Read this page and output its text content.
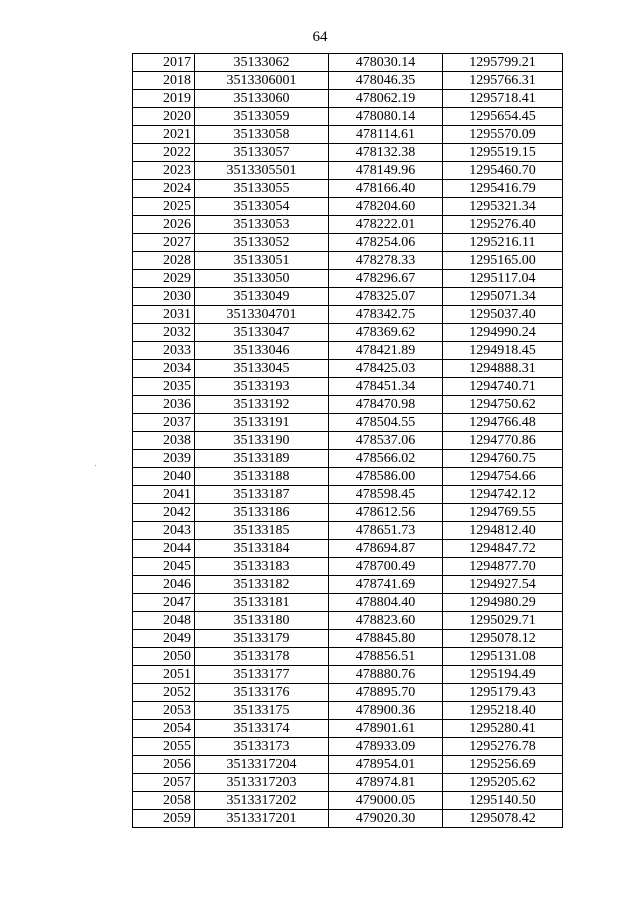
64
2017	35133062	478030.14	1295799.21
2018	3513306001	478046.35	1295766.31
2019	35133060	478062.19	1295718.41
2020	35133059	478080.14	1295654.45
2021	35133058	478114.61	1295570.09
2022	35133057	478132.38	1295519.15
2023	3513305501	478149.96	1295460.70
2024	35133055	478166.40	1295416.79
2025	35133054	478204.60	1295321.34
2026	35133053	478222.01	1295276.40
2027	35133052	478254.06	1295216.11
2028	35133051	478278.33	1295165.00
2029	35133050	478296.67	1295117.04
2030	35133049	478325.07	1295071.34
2031	3513304701	478342.75	1295037.40
2032	35133047	478369.62	1294990.24
2033	35133046	478421.89	1294918.45
2034	35133045	478425.03	1294888.31
2035	35133193	478451.34	1294740.71
2036	35133192	478470.98	1294750.62
2037	35133191	478504.55	1294766.48
2038	35133190	478537.06	1294770.86
2039	35133189	478566.02	1294760.75
2040	35133188	478586.00	1294754.66
2041	35133187	478598.45	1294742.12
2042	35133186	478612.56	1294769.55
2043	35133185	478651.73	1294812.40
2044	35133184	478694.87	1294847.72
2045	35133183	478700.49	1294877.70
2046	35133182	478741.69	1294927.54
2047	35133181	478804.40	1294980.29
2048	35133180	478823.60	1295029.71
2049	35133179	478845.80	1295078.12
2050	35133178	478856.51	1295131.08
2051	35133177	478880.76	1295194.49
2052	35133176	478895.70	1295179.43
2053	35133175	478900.36	1295218.40
2054	35133174	478901.61	1295280.41
2055	35133173	478933.09	1295276.78
2056	3513317204	478954.01	1295256.69
2057	3513317203	478974.81	1295205.62
2058	3513317202	479000.05	1295140.50
2059	3513317201	479020.30	1295078.42
